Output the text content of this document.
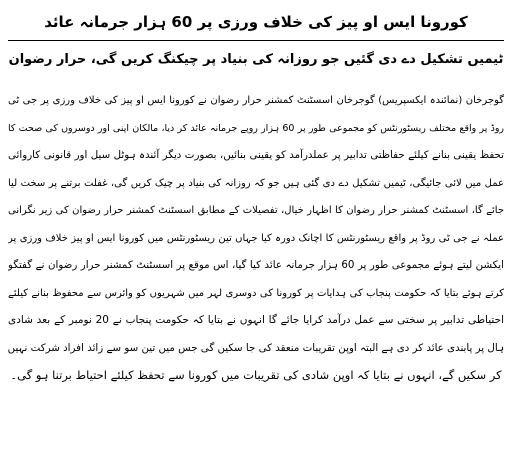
کورونا ایس او پیز کی خلاف ورزی پر 60 ہزار جرمانہ عائد
ٹیمیں تشکیل دے دی گئیں جو روزانہ کی بنیاد پر چیکنگ کریں گی، حرار رضوان
گوجرخان (نمائندہ ایکسپریس) گوجرخان اسسٹنٹ کمشنر حرار رضوان نے کورونا ایس او پیز کی خلاف ورزی پر جی ٹی
روڈ پر واقع مختلف ریسٹورنٹس کو مجموعی طور پر 60 ہزار روپے جرمانہ عائد کر دیا، مالکان اپنی اور دوسروں کی صحت کا
تحفظ یقینی بنانے کیلئے حفاظتی تدابیر پر عملدرآمد کو یقینی بنائیں، بصورت دیگر آئندہ ہوٹل سیل اور قانونی کاروائی
عمل میں لائی جائیگی، ٹیمیں تشکیل دے دی گئی ہیں جو کہ روزانہ کی بنیاد پر چیک کریں گی، غفلت برتنے پر سخت لیا
جائے گا، اسسٹنٹ کمشنر حرار رضوان کا اظہار خیال، تفصیلات کے مطابق اسسٹنٹ کمشنر حرار رضوان کی زیر نگرانی
عملہ نے جی ٹی روڈ پر واقع ریسٹورنٹس کا اچانک دورہ کیا جہاں تین ریسٹورنٹس میں کورونا ایس او پیز خلاف ورزی پر
ایکشن لیتے ہوئے مجموعی طور پر 60 ہزار جرمانہ عائد کیا گیا، اس موقع پر اسسٹنٹ کمشنر حرار رضوان نے گفتگو
کرتے ہوئے بتایا کہ حکومت پنجاب کی ہدایات پر کورونا کی دوسری لہر میں شہریوں کو وائرس سے محفوظ بنانے کیلئے
احتیاطی تدابیر پر سختی سے عمل درآمد کرایا جائے گا انہوں نے بتایا کہ حکومت پنجاب نے 20 نومبر کے بعد شادی
ہال پر پابندی عائد کر دی ہے البتہ اوپن تقریبات منعقد کی جا سکیں گی جس میں تین سو سے زائد افراد شرکت نہیں
کر سکیں گے، انہوں نے بتایا کہ اوپن شادی کی تقریبات میں کورونا سے تحفظ کیلئے احتیاط برتنا ہو گی۔
